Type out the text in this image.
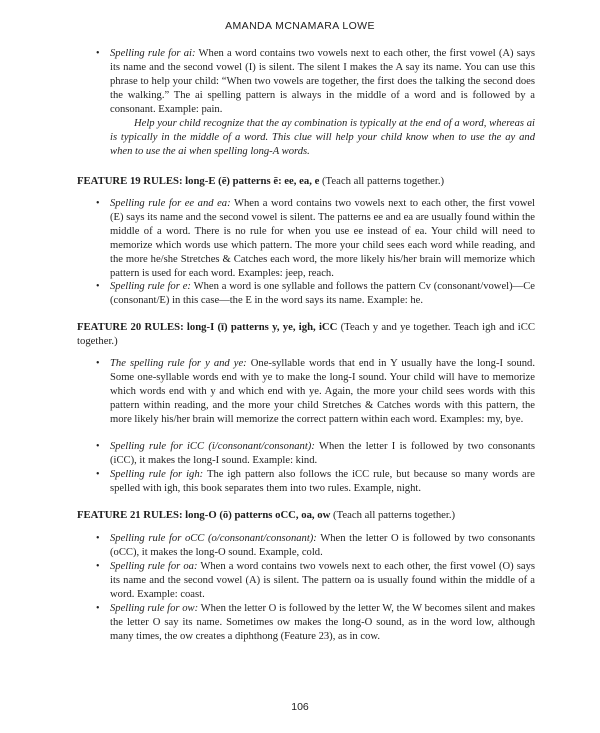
AMANDA MCNAMARA LOWE
• Spelling rule for ai: When a word contains two vowels next to each other, the first vowel (A) says its name and the second vowel (I) is silent. The silent I makes the A say its name. You can use this phrase to help your child: “When two vowels are together, the first does the talking the second does the walking.” The ai spelling pattern is always in the middle of a word and is followed by a consonant. Example: pain.

Help your child recognize that the ay combination is typically at the end of a word, whereas ai is typically in the middle of a word. This clue will help your child know when to use the ay and when to use the ai when spelling long-A words.

FEATURE 19 RULES: long-E (ē) patterns ē: ee, ea, e (Teach all patterns together.)
• Spelling rule for ee and ea: When a word contains two vowels next to each other, the first vowel (E) says its name and the second vowel is silent. The patterns ee and ea are usually found within the middle of a word. There is no rule for when you use ee instead of ea. Your child will need to memorize which words use which pattern. The more your child sees each word while reading, and the more he/she Stretches & Catches each word, the more likely his/her brain will memorize which pattern is used for each word. Examples: jeep, reach.

• Spelling rule for e: When a word is one syllable and follows the pattern Cv (consonant/vowel)—Ce (consonant/E) in this case—the E in the word says its name. Example: he.

FEATURE 20 RULES: long-I (ī) patterns y, ye, igh, iCC (Teach y and ye together. Teach igh and iCC together.)
• The spelling rule for y and ye: One-syllable words that end in Y usually have the long-I sound. Some one-syllable words end with ye to make the long-I sound. Your child will have to memorize which words end with y and which end with ye. Again, the more your child sees words with this pattern within reading, and the more your child Stretches & Catches words with this pattern, the more likely his/her brain will memorize the correct pattern within each word. Examples: my, bye.

• Spelling rule for iCC (i/consonant/consonant): When the letter I is followed by two consonants (iCC), it makes the long-I sound. Example: kind.

• Spelling rule for igh: The igh pattern also follows the iCC rule, but because so many words are spelled with igh, this book separates them into two rules. Example, night.

FEATURE 21 RULES: long-O (ō) patterns oCC, oa, ow (Teach all patterns together.)
• Spelling rule for oCC (o/consonant/consonant): When the letter O is followed by two consonants (oCC), it makes the long-O sound. Example, cold.

• Spelling rule for oa: When a word contains two vowels next to each other, the first vowel (O) says its name and the second vowel (A) is silent. The pattern oa is usually found within the middle of a word. Example: coast.

• Spelling rule for ow: When the letter O is followed by the letter W, the W becomes silent and makes the letter O say its name. Sometimes ow makes the long-O sound, as in the word low, although many times, the ow creates a diphthong (Feature 23), as in cow.

106
